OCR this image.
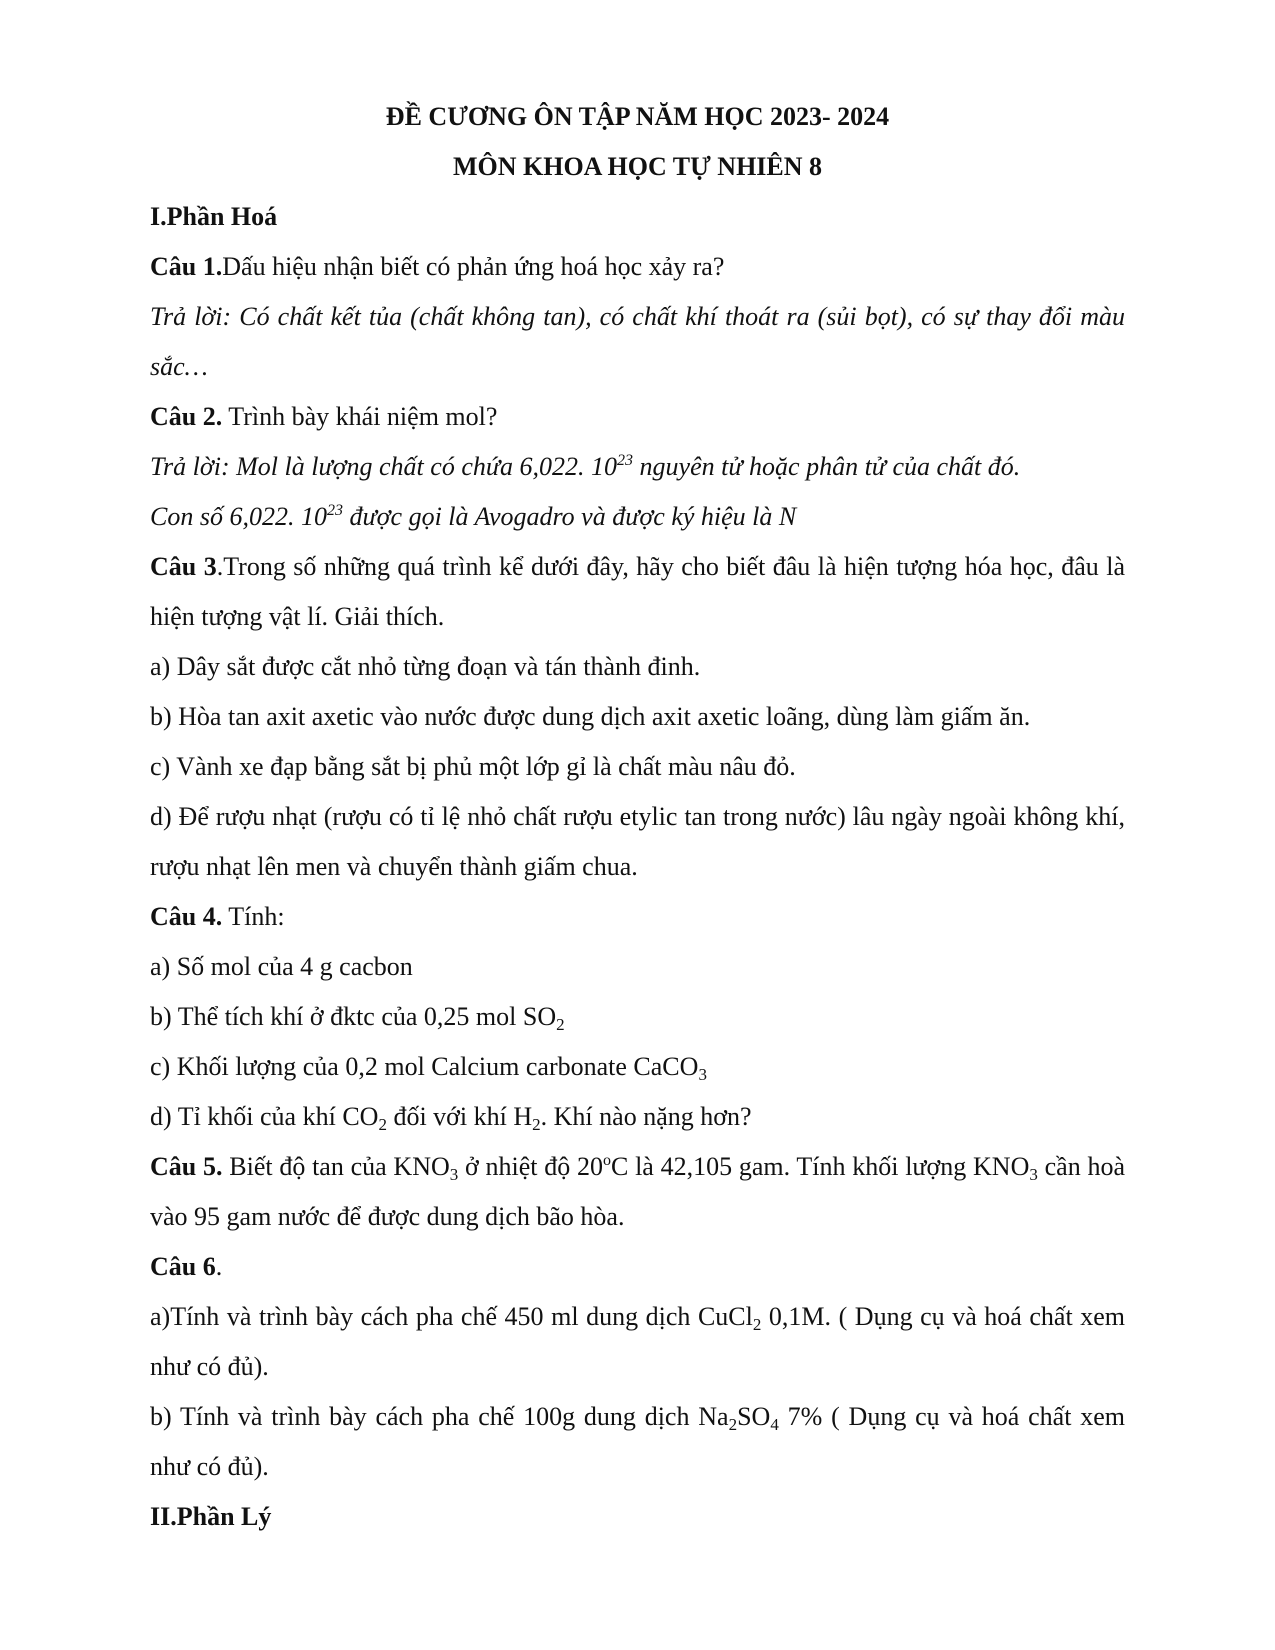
ĐỀ CƯƠNG ÔN TẬP NĂM HỌC 2023- 2024

MÔN KHOA HỌC TỰ NHIÊN 8

I.Phần Hoá

Câu 1.Dấu hiệu nhận biết có phản ứng hoá học xảy ra?

Trả lời: Có chất kết tủa (chất không tan), có chất khí thoát ra (sủi bọt), có sự thay đổi màu sắc…

Câu 2. Trình bày khái niệm mol?

Trả lời: Mol là lượng chất có chứa 6,022. $10^{23}$ nguyên tử hoặc phân tử của chất đó.

Con số 6,022. $10^{23}$ được gọi là Avogadro và được ký hiệu là N

Câu 3.Trong số những quá trình kể dưới đây, hãy cho biết đâu là hiện tượng hóa học, đâu là hiện tượng vật lí. Giải thích.

a) Dây sắt được cắt nhỏ từng đoạn và tán thành đinh.

b) Hòa tan axit axetic vào nước được dung dịch axit axetic loãng, dùng làm giấm ăn.

c) Vành xe đạp bằng sắt bị phủ một lớp gỉ là chất màu nâu đỏ.

d) Để rượu nhạt (rượu có tỉ lệ nhỏ chất rượu etylic tan trong nước) lâu ngày ngoài không khí, rượu nhạt lên men và chuyển thành giấm chua.

Câu 4. Tính:

a) Số mol của 4 g cacbon

b) Thể tích khí ở đktc của 0,25 mol $SO_2$

c) Khối lượng của 0,2 mol Calcium carbonate CaCO$_3$

d) Tỉ khối của khí $CO_2$ đối với khí $H_2$. Khí nào nặng hơn?

Câu 5. Biết độ tan của $KNO_3$ ở nhiệt độ 20$^o$C là 42,105 gam. Tính khối lượng $KNO_3$ cần hoà vào 95 gam nước để được dung dịch bão hòa.

Câu 6.

a)Tính và trình bày cách pha chế 450 ml dung dịch CuCl$_2$ 0,1M. ( Dụng cụ và hoá chất xem như có đủ).

b) Tính và trình bày cách pha chế 100g dung dịch $Na_2SO_4$ 7% ( Dụng cụ và hoá chất xem như có đủ).

II.Phần Lý
